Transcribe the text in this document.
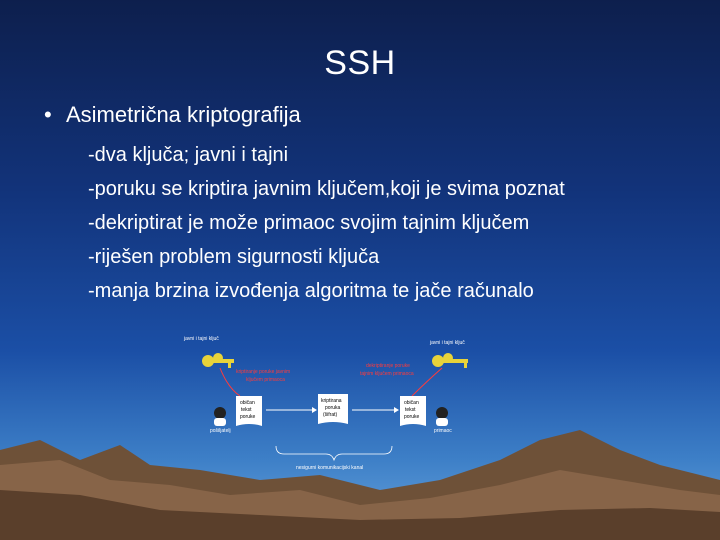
SSH
• Asimetrična kriptografija
-dva ključa; javni i tajni
-poruku se kriptira javnim ključem,koji je svima poznat
-dekriptirat je može primaoc svojim tajnim ključem
-riješen problem sigurnosti ključa
-manja brzina izvođenja algoritma te jače računalo
javni i tajni ključ
javni i tajni ključ
kriptiranje poruke javnim
ključem primaoca
dekriptiranje poruke
tajnim ključem primaoca
pošiljatelj	primaoc
običan
tekst
poruke
kriptirana
poruka
(šifrat)
običan
tekst
poruke
nesigurni komunikacijski kanal
